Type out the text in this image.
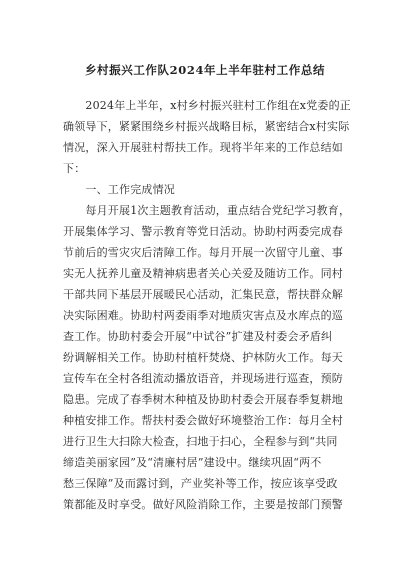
乡村振兴工作队2024年上半年驻村工作总结
　　2024年上半年，x村乡村振兴驻村工作组在x党委的正
确领导下，紧紧围绕乡村振兴战略目标，紧密结合x村实际
情况，深入开展驻村帮扶工作。现将半年来的工作总结如
下：
　　一、工作完成情况
　　每月开展1次主题教育活动，重点结合党纪学习教育，
开展集体学习、警示教育等党日活动。协助村两委完成春
节前后的雪灾灾后清障工作。每月开展一次留守儿童、事
实无人抚养儿童及精神病患者关心关爱及随访工作。同村
干部共同下基层开展暖民心活动，汇集民意，帮扶群众解
决实际困难。协助村两委雨季对地质灾害点及水库点的巡
查工作。协助村委会开展“中试谷”扩建及村委会矛盾纠
纷调解相关工作。协助村植杆焚烧、护林防火工作。每天
宣传车在全村各组流动播放语音，并现场进行巡查，预防
隐患。完成了春季树木种植及协助村委会开展春季复耕地
种植安排工作。帮扶村委会做好环境整治工作：每月全村
进行卫生大扫除大检查，扫地于扫心，全程参与到“共同
缔造美丽家园”及“清廉村居”建设中。继续巩固“两不
愁三保障”及而露讨到，产业奖补等工作，按应该享受政
策都能及时享受。做好风险消除工作，主要是按部门预警
